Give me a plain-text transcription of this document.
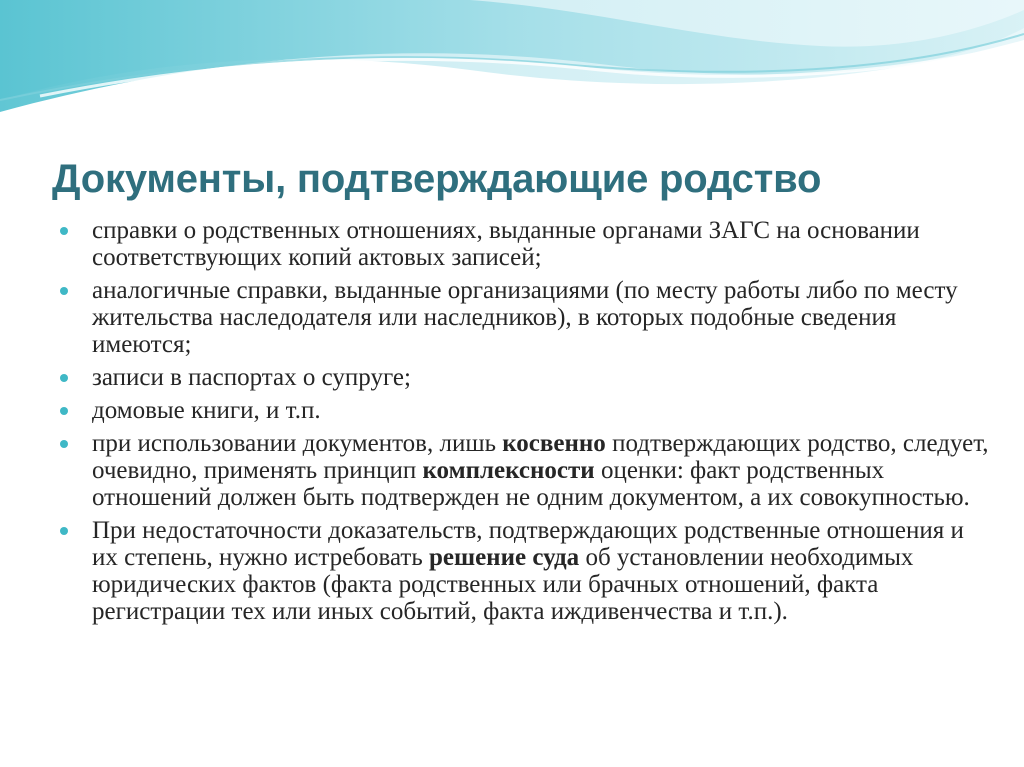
Документы, подтверждающие родство
справки о родственных отношениях, выданные органами ЗАГС на основании соответствующих копий актовых записей;
аналогичные справки, выданные организациями (по месту работы либо по месту жительства наследодателя или наследников), в которых подобные сведения имеются;
записи в паспортах о супруге;
домовые книги, и т.п.
при использовании документов, лишь косвенно подтверждающих родство, следует, очевидно, применять принцип комплексности оценки: факт родственных отношений должен быть подтвержден не одним документом, а их совокупностью.
При недостаточности доказательств, подтверждающих родственные отношения и их степень, нужно истребовать решение суда об установлении необходимых юридических фактов (факта родственных или брачных отношений, факта регистрации тех или иных событий, факта иждивенчества и т.п.).
